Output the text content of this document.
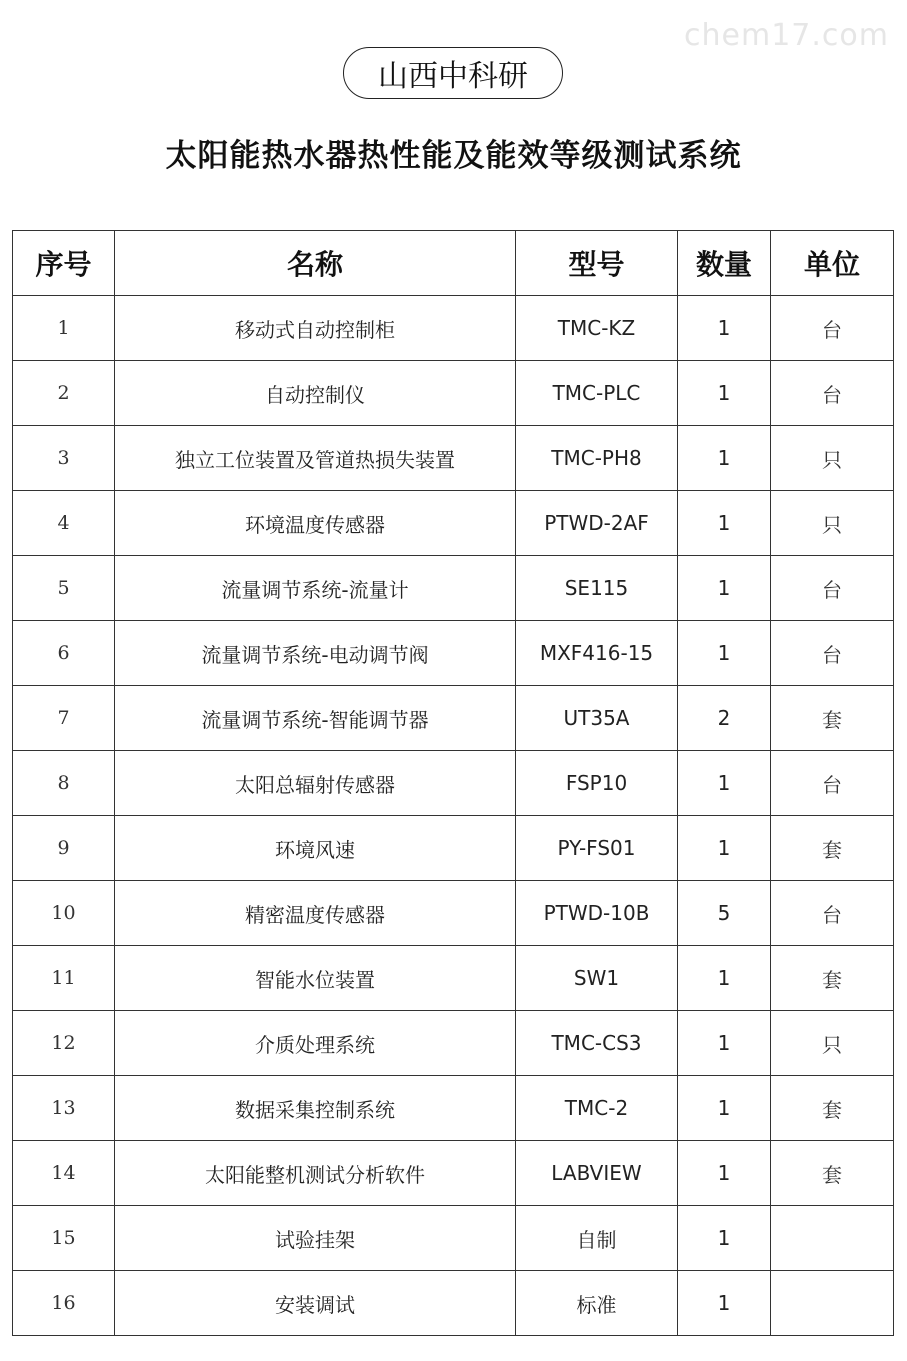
chem17.com
山西中科研
太阳能热水器热性能及能效等级测试系统
序号	名称	型号	数量	单位
1	移动式自动控制柜	TMC-KZ	1	台
2	自动控制仪	TMC-PLC	1	台
3	独立工位装置及管道热损失装置	TMC-PH8	1	只
4	环境温度传感器	PTWD-2AF	1	只
5	流量调节系统-流量计	SE115	1	台
6	流量调节系统-电动调节阀	MXF416-15	1	台
7	流量调节系统-智能调节器	UT35A	2	套
8	太阳总辐射传感器	FSP10	1	台
9	环境风速	PY-FS01	1	套
10	精密温度传感器	PTWD-10B	5	台
11	智能水位装置	SW1	1	套
12	介质处理系统	TMC-CS3	1	只
13	数据采集控制系统	TMC-2	1	套
14	太阳能整机测试分析软件	LABVIEW	1	套
15	试验挂架	自制	1	
16	安装调试	标准	1	
